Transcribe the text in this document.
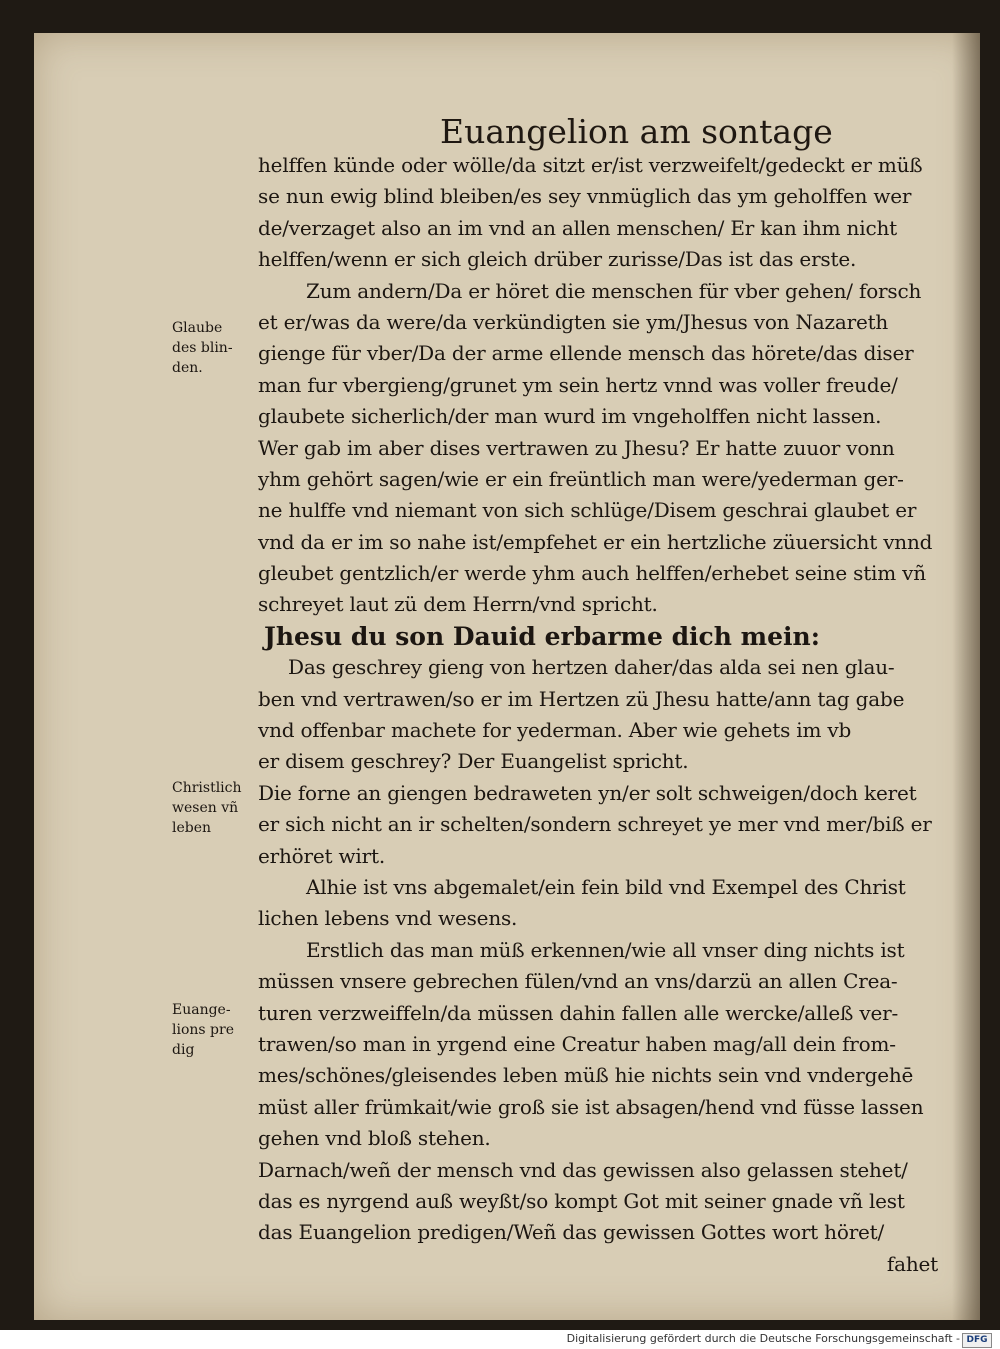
Euangelion am sontage
helffen künde oder wölle/da sitzt er/ist verzweifelt/gedeckt er müß
se nun ewig blind bleiben/es sey vnmüglich das ym geholffen wer
de/verzaget also an im vnd an allen menschen/ Er kan ihm nicht
helffen/wenn er sich gleich drüber zurisse/Das ist das erste.
Zum andern/Da er höret die menschen für vber gehen/ forsch
et er/was da were/da verkündigten sie ym/Jhesus von Nazareth
gienge für vber/Da der arme ellende mensch das hörete/das diser
man fur vbergieng/grunet ym sein hertz vnnd was voller freude/
glaubete sicherlich/der man wurd im vngeholffen nicht lassen.
Wer gab im aber dises vertrawen zu Jhesu? Er hatte zuuor vonn
yhm gehört sagen/wie er ein freüntlich man were/yederman ger-
ne hulffe vnd niemant von sich schlüge/Disem geschrai glaubet er
vnd da er im so nahe ist/empfehet er ein hertzliche züuersicht vnnd
gleubet gentzlich/er werde yhm auch helffen/erhebet seine stim vñ
schreyet laut zü dem Herrn/vnd spricht.
Jhesu du son Dauid erbarme dich mein:
Das geschrey gieng von hertzen daher/das alda sei nen glau-
ben vnd vertrawen/so er im Hertzen zü Jhesu hatte/ann tag gabe
vnd offenbar machete for yederman. Aber wie gehets im vb
er disem geschrey? Der Euangelist spricht.
Die forne an giengen bedraweten yn/er solt schweigen/doch keret
er sich nicht an ir schelten/sondern schreyet ye mer vnd mer/biß er
erhöret wirt.
Alhie ist vns abgemalet/ein fein bild vnd Exempel des Christ
lichen lebens vnd wesens.
Erstlich das man müß erkennen/wie all vnser ding nichts ist
müssen vnsere gebrechen fülen/vnd an vns/darzü an allen Crea-
turen verzweiffeln/da müssen dahin fallen alle wercke/alleß ver-
trawen/so man in yrgend eine Creatur haben mag/all dein from-
mes/schönes/gleisendes leben müß hie nichts sein vnd vndergehē
müst aller frümkait/wie groß sie ist absagen/hend vnd füsse lassen
gehen vnd bloß stehen.
Darnach/weñ der mensch vnd das gewissen also gelassen stehet/
das es nyrgend auß weyßt/so kompt Got mit seiner gnade vñ lest
das Euangelion predigen/Weñ das gewissen Gottes wort höret/
fahet
Glaube
des blin-
den.
Christlich
wesen vñ
leben
Euange-
lions pre
dig
Digitalisierung gefördert durch die Deutsche Forschungsgemeinschaft - DFG
